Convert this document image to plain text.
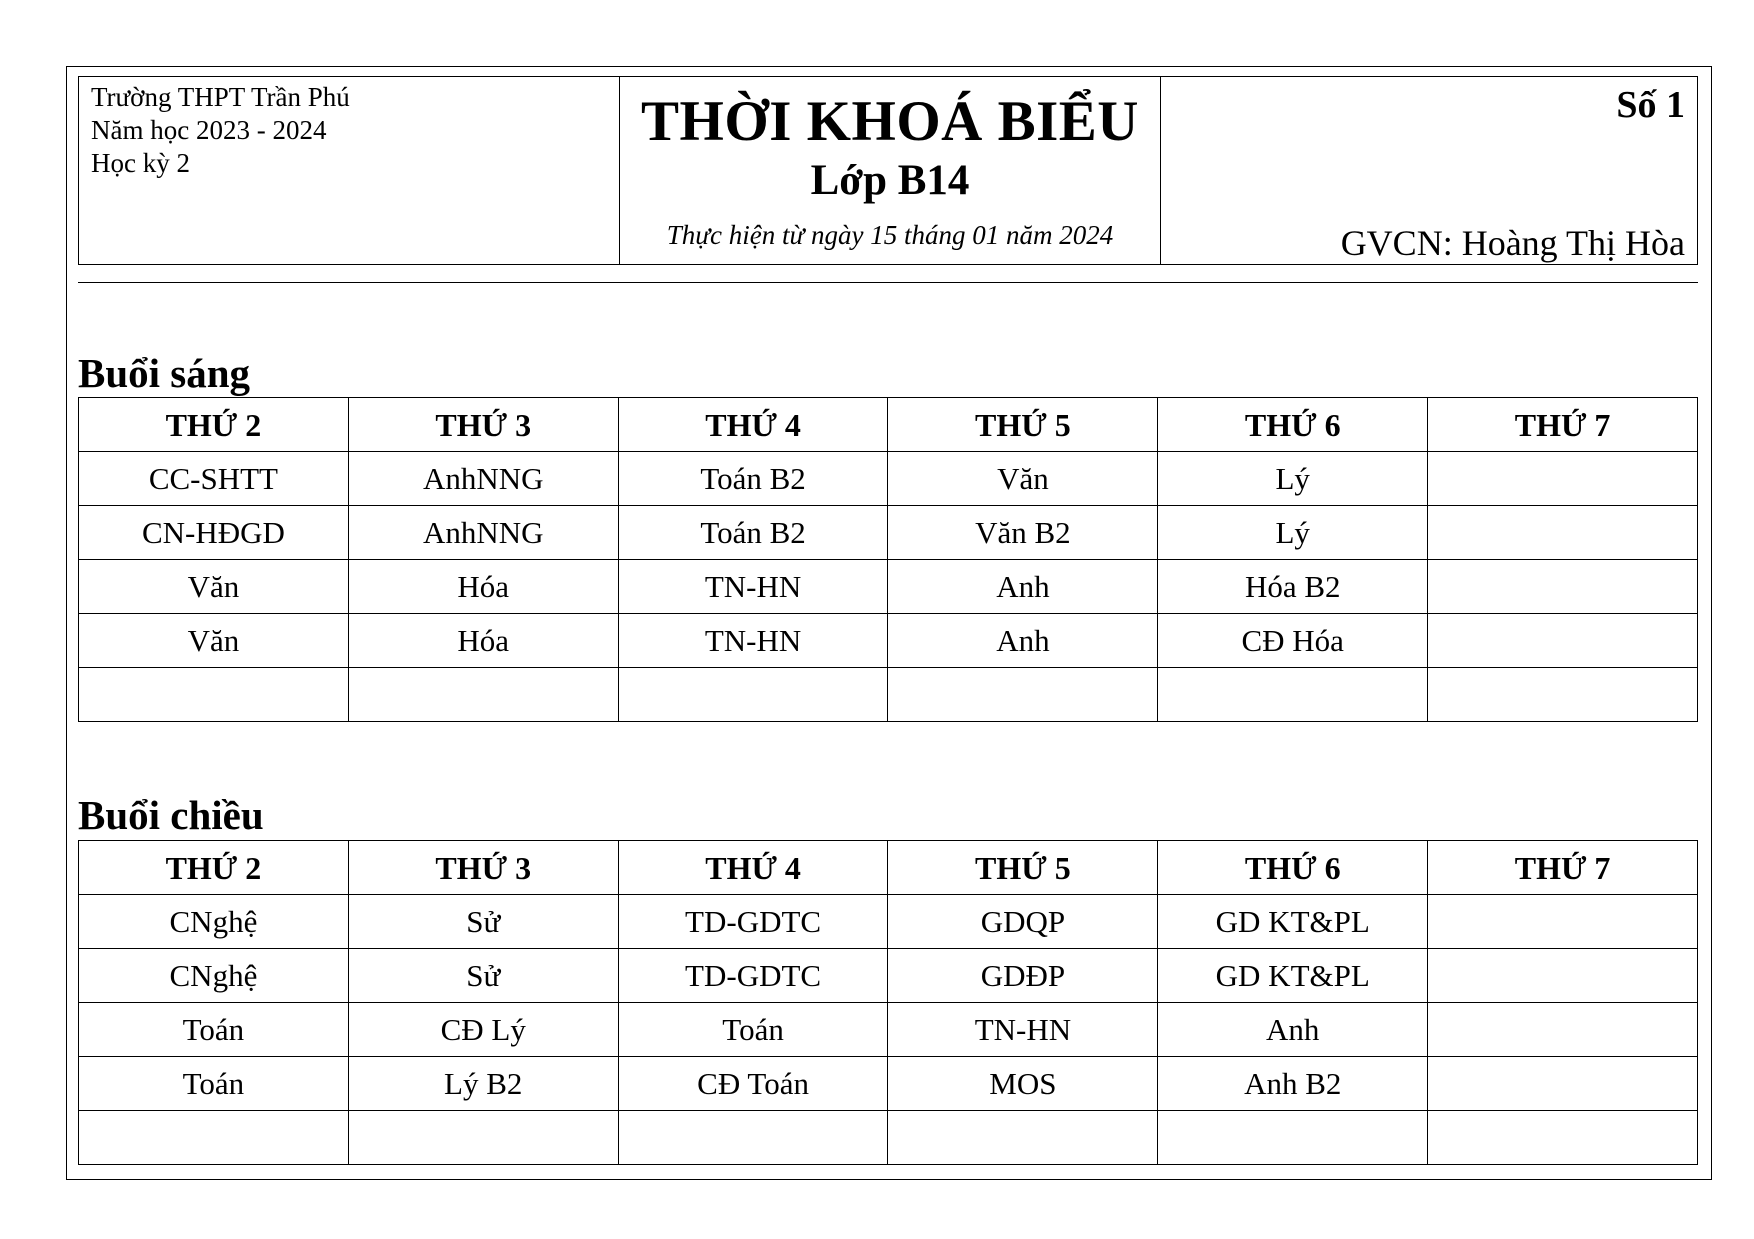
Trường THPT Trần Phú
Năm học 2023 - 2024
Học kỳ 2
THỜI KHOÁ BIỂU
Lớp B14
Thực hiện từ ngày 15 tháng 01 năm 2024
Số 1
GVCN: Hoàng Thị Hòa
Buổi sáng
THỨ 2	THỨ 3	THỨ 4	THỨ 5	THỨ 6	THỨ 7
CC-SHTT	AnhNNG	Toán B2	Văn	Lý	
CN-HĐGD	AnhNNG	Toán B2	Văn B2	Lý	
Văn	Hóa	TN-HN	Anh	Hóa B2	
Văn	Hóa	TN-HN	Anh	CĐ Hóa	

Buổi chiều
THỨ 2	THỨ 3	THỨ 4	THỨ 5	THỨ 6	THỨ 7
CNghệ	Sử	TD-GDTC	GDQP	GD KT&PL	
CNghệ	Sử	TD-GDTC	GDĐP	GD KT&PL	
Toán	CĐ Lý	Toán	TN-HN	Anh	
Toán	Lý B2	CĐ Toán	MOS	Anh B2	
